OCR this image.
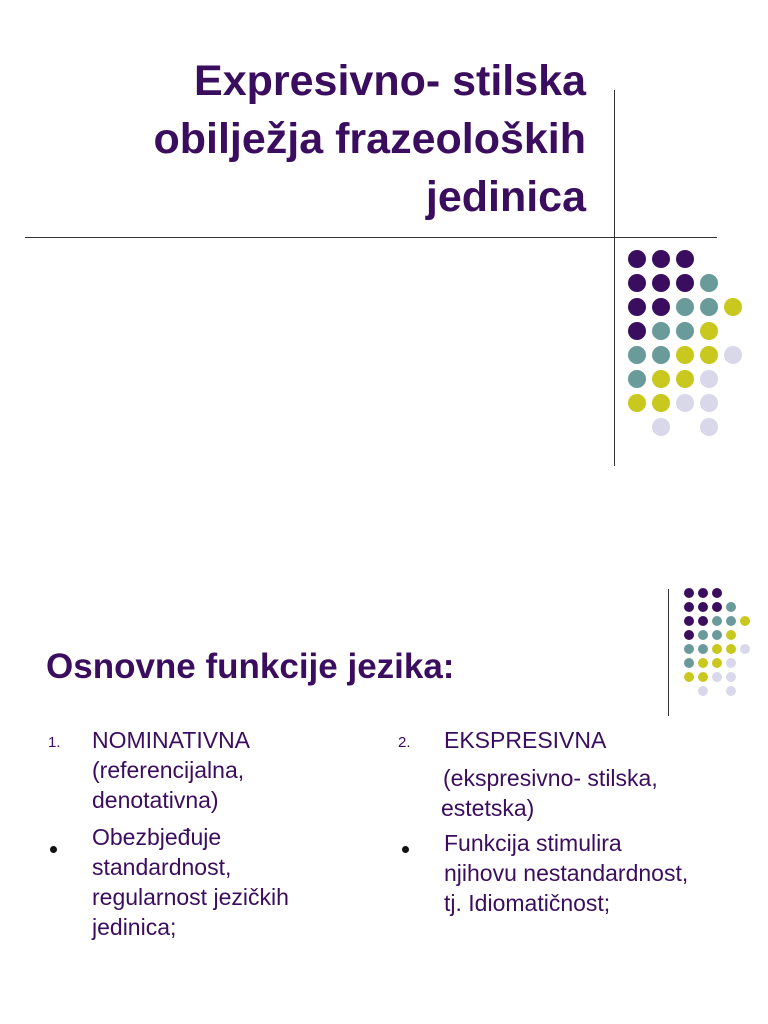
Expresivno- stilska
obilježja frazeoloških
jedinica
Osnovne funkcije jezika:
1. NOMINATIVNA
(referencijalna,
denotativna)
Obezbjeđuje
standardnost,
regularnost jezičkih
jedinica;
2. EKSPRESIVNA
(ekspresivno- stilska,
estetska)
Funkcija stimulira
njihovu nestandardnost,
tj. Idiomatičnost;
